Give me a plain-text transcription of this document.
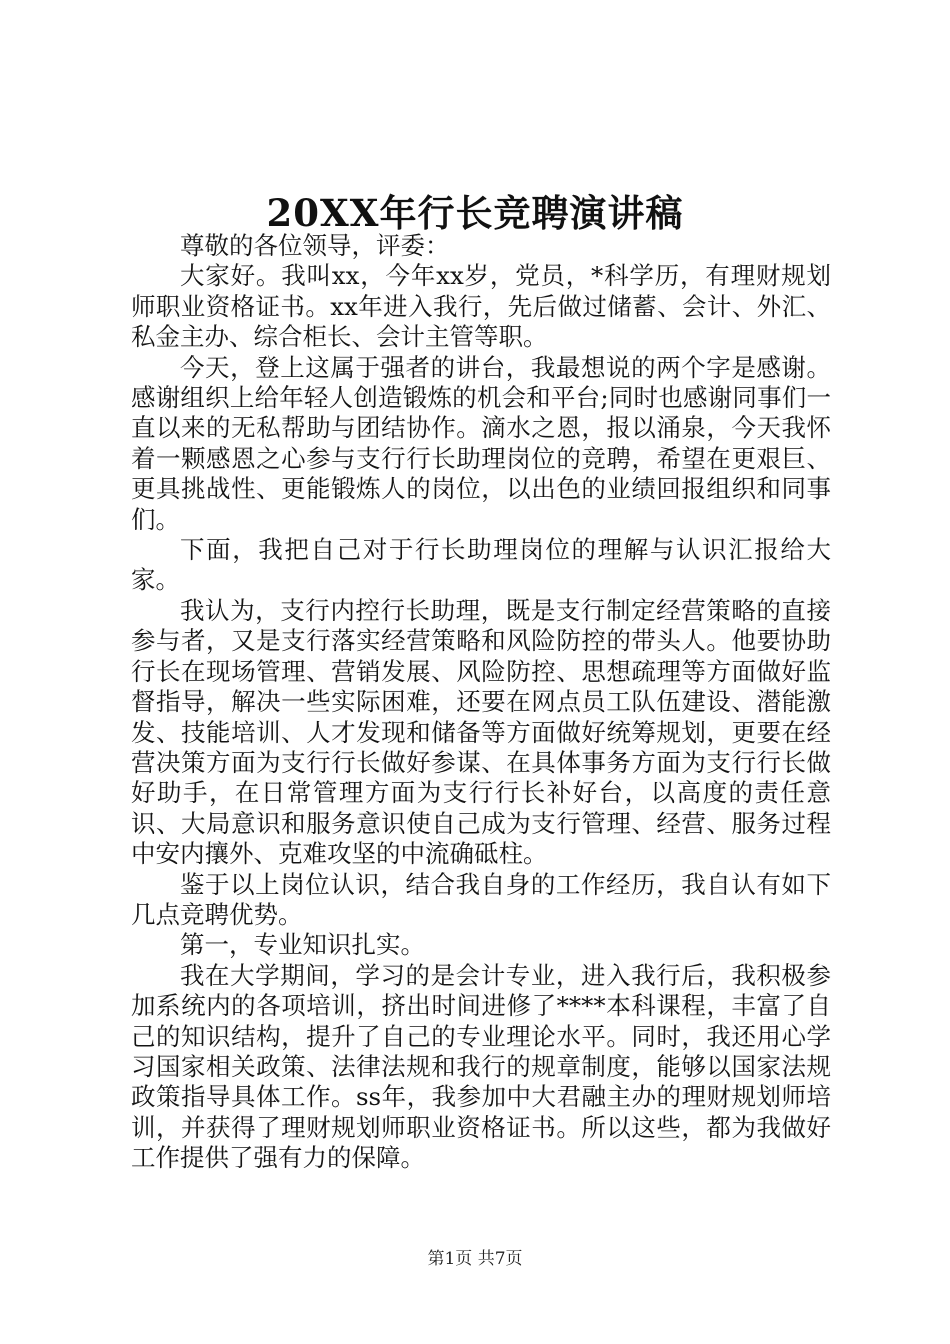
20XX年行长竞聘演讲稿

尊敬的各位领导，评委：

大家好。我叫xx，今年xx岁，党员，*科学历，有理财规划师职业资格证书。xx年进入我行，先后做过储蓄、会计、外汇、私金主办、综合柜长、会计主管等职。

今天，登上这属于强者的讲台，我最想说的两个字是感谢。感谢组织上给年轻人创造锻炼的机会和平台;同时也感谢同事们一直以来的无私帮助与团结协作。滴水之恩，报以涌泉，今天我怀着一颗感恩之心参与支行行长助理岗位的竞聘，希望在更艰巨、更具挑战性、更能锻炼人的岗位，以出色的业绩回报组织和同事们。

下面，我把自己对于行长助理岗位的理解与认识汇报给大家。

我认为，支行内控行长助理，既是支行制定经营策略的直接参与者，又是支行落实经营策略和风险防控的带头人。他要协助行长在现场管理、营销发展、风险防控、思想疏理等方面做好监督指导，解决一些实际困难，还要在网点员工队伍建设、潜能激发、技能培训、人才发现和储备等方面做好统筹规划，更要在经营决策方面为支行行长做好参谋、在具体事务方面为支行行长做好助手，在日常管理方面为支行行长补好台，以高度的责任意识、大局意识和服务意识使自己成为支行管理、经营、服务过程中安内攘外、克难攻坚的中流确砥柱。

鉴于以上岗位认识，结合我自身的工作经历，我自认有如下几点竞聘优势。

第一，专业知识扎实。

我在大学期间，学习的是会计专业，进入我行后，我积极参加系统内的各项培训，挤出时间进修了****本科课程，丰富了自己的知识结构，提升了自己的专业理论水平。同时，我还用心学习国家相关政策、法律法规和我行的规章制度，能够以国家法规政策指导具体工作。ss年，我参加中大君融主办的理财规划师培训，并获得了理财规划师职业资格证书。所以这些，都为我做好工作提供了强有力的保障。

第1页 共7页
